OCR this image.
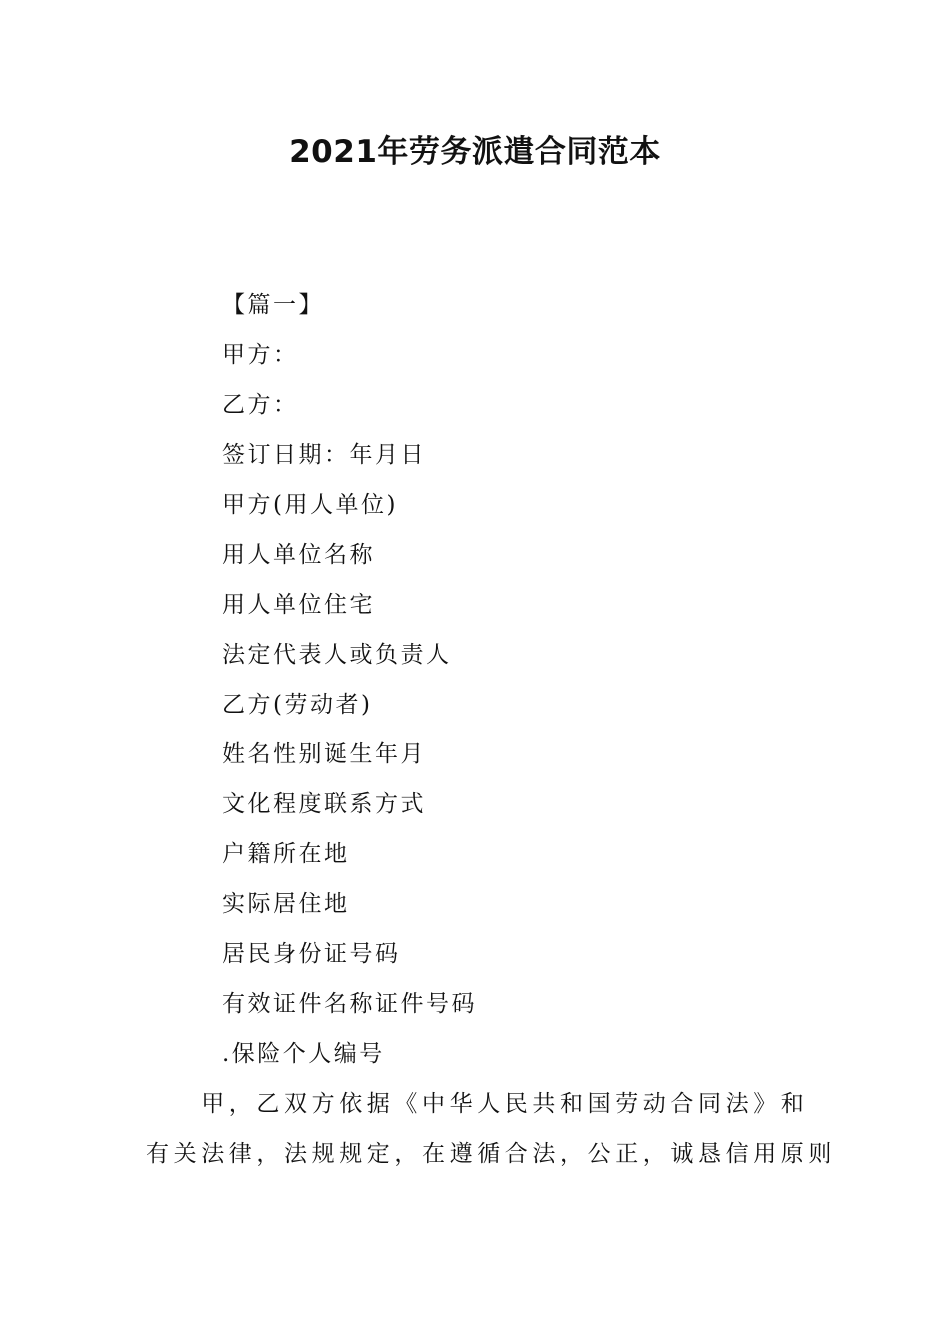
2021年劳务派遣合同范本
【篇一】
甲方：
乙方：
签订日期：年月日
甲方(用人单位)
用人单位名称
用人单位住宅
法定代表人或负责人
乙方(劳动者)
姓名性别诞生年月
文化程度联系方式
户籍所在地
实际居住地
居民身份证号码
有效证件名称证件号码
.保险个人编号
　　甲，乙双方依据《中华人民共和国劳动合同法》和
有关法律，法规规定，在遵循合法，公正，诚恳信用原则
